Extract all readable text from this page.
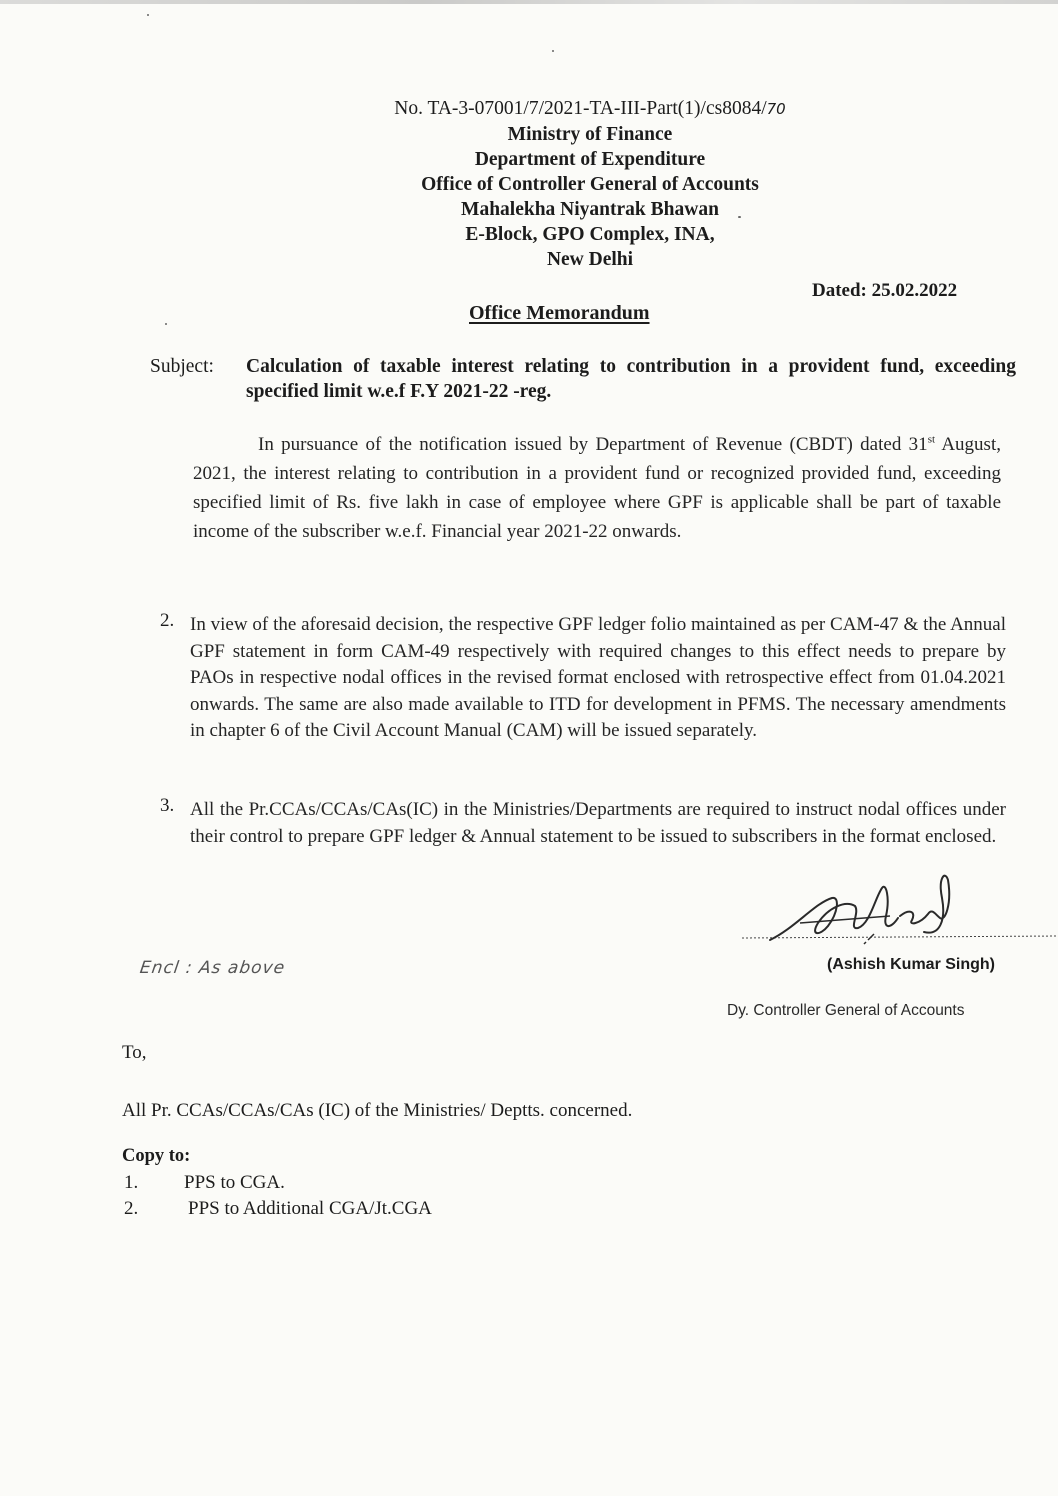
No. TA-3-07001/7/2021-TA-III-Part(1)/cs8084/70
Ministry of Finance
Department of Expenditure
Office of Controller General of Accounts
Mahalekha Niyantrak Bhawan
E-Block, GPO Complex, INA,
New Delhi
Dated: 25.02.2022
Office Memorandum
Subject: Calculation of taxable interest relating to contribution in a provident fund, exceeding specified limit w.e.f F.Y 2021-22 -reg.
In pursuance of the notification issued by Department of Revenue (CBDT) dated 31st August, 2021, the interest relating to contribution in a provident fund or recognized provided fund, exceeding specified limit of Rs. five lakh in case of employee where GPF is applicable shall be part of taxable income of the subscriber w.e.f. Financial year 2021-22 onwards.
2. In view of the aforesaid decision, the respective GPF ledger folio maintained as per CAM-47 & the Annual GPF statement in form CAM-49 respectively with required changes to this effect needs to prepare by PAOs in respective nodal offices in the revised format enclosed with retrospective effect from 01.04.2021 onwards. The same are also made available to ITD for development in PFMS. The necessary amendments in chapter 6 of the Civil Account Manual (CAM) will be issued separately.
3. All the Pr.CCAs/CCAs/CAs(IC) in the Ministries/Departments are required to instruct nodal offices under their control to prepare GPF ledger & Annual statement to be issued to subscribers in the format enclosed.
(Ashish Kumar Singh)
Dy. Controller General of Accounts
Encl : As above
To,
All Pr. CCAs/CCAs/CAs (IC) of the Ministries/ Deptts. concerned.
Copy to:
1. PPS to CGA.
2.	PPS to Additional CGA/Jt.CGA
